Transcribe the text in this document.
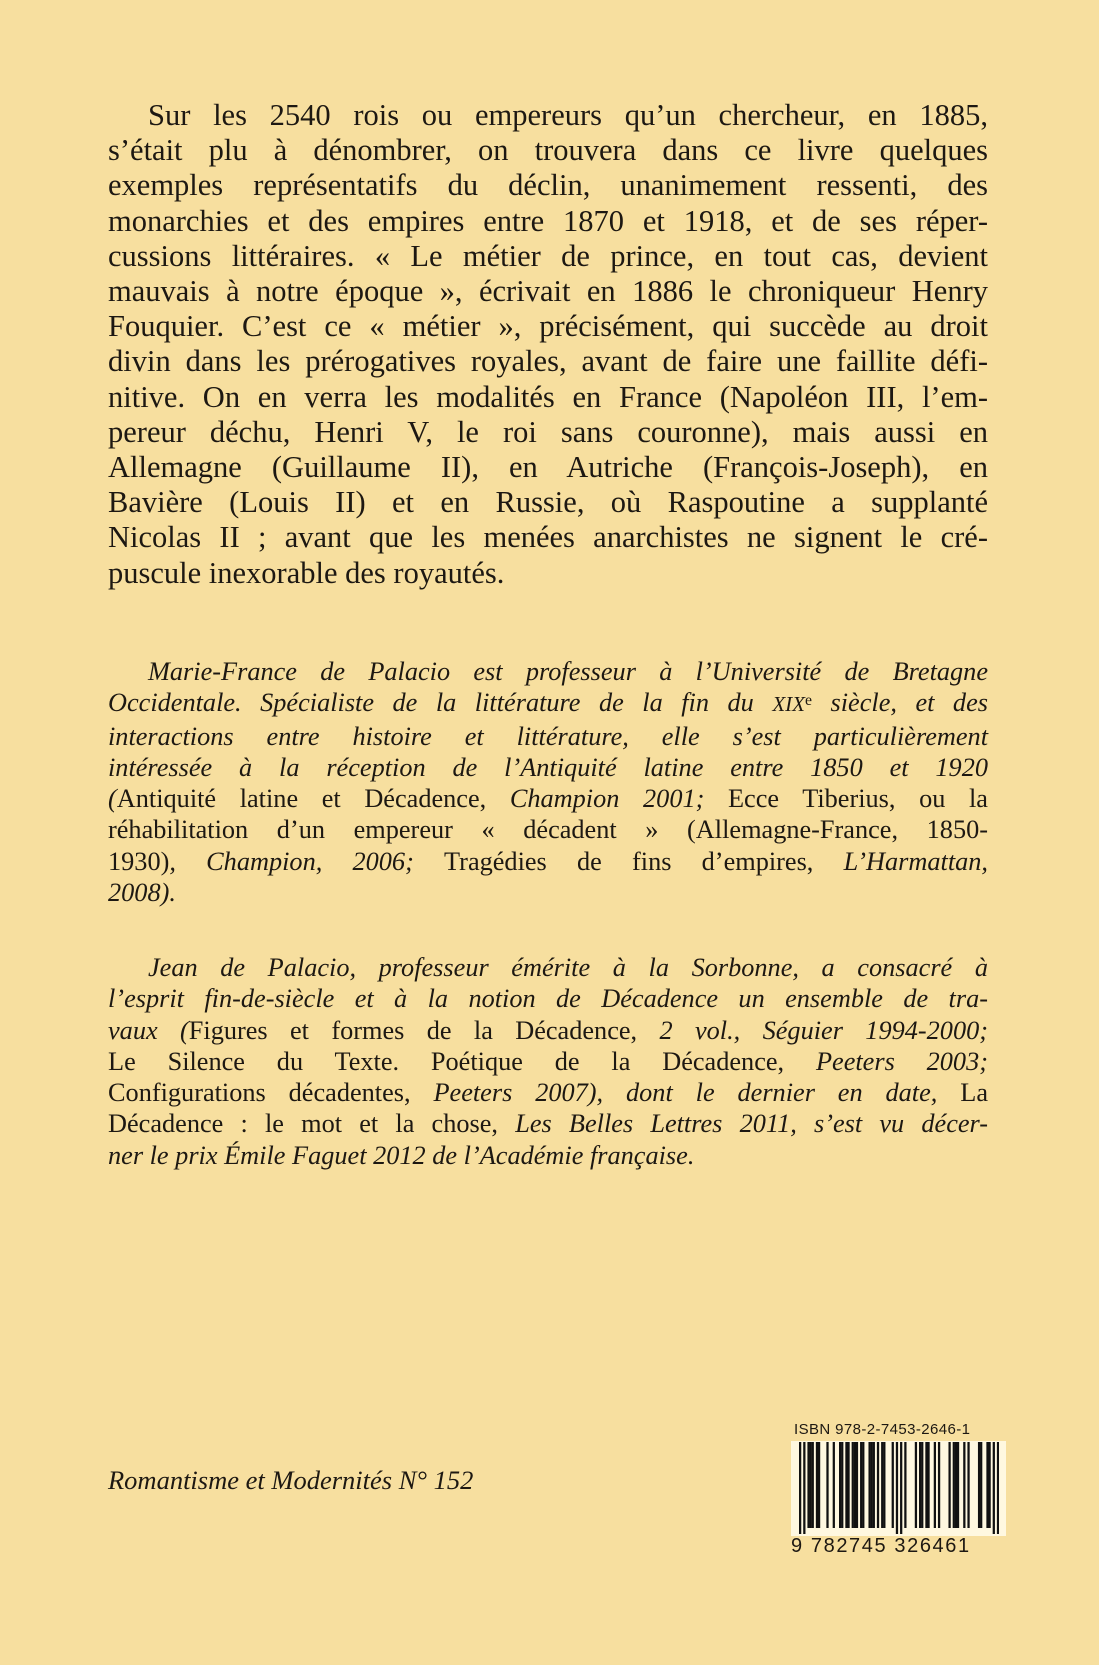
Sur les 2540 rois ou empereurs qu’un chercheur, en 1885,
s’était plu à dénombrer, on trouvera dans ce livre quelques
exemples représentatifs du déclin, unanimement ressenti, des
monarchies et des empires entre 1870 et 1918, et de ses réper-
cussions littéraires. « Le métier de prince, en tout cas, devient
mauvais à notre époque », écrivait en 1886 le chroniqueur Henry
Fouquier. C’est ce « métier », précisément, qui succède au droit
divin dans les prérogatives royales, avant de faire une faillite défi-
nitive. On en verra les modalités en France (Napoléon III, l’em-
pereur déchu, Henri V, le roi sans couronne), mais aussi en
Allemagne (Guillaume II), en Autriche (François-Joseph), en
Bavière (Louis II) et en Russie, où Raspoutine a supplanté
Nicolas II ; avant que les menées anarchistes ne signent le cré-
puscule inexorable des royautés.
Marie-France de Palacio est professeur à l’Université de Bretagne
Occidentale. Spécialiste de la littérature de la fin du XIXe siècle, et des
interactions entre histoire et littérature, elle s’est particulièrement
intéressée à la réception de l’Antiquité latine entre 1850 et 1920
(Antiquité latine et Décadence, Champion 2001; Ecce Tiberius, ou la
réhabilitation d’un empereur « décadent » (Allemagne-France, 1850-
1930), Champion, 2006; Tragédies de fins d’empires, L’Harmattan,
2008).
Jean de Palacio, professeur émérite à la Sorbonne, a consacré à
l’esprit fin-de-siècle et à la notion de Décadence un ensemble de tra-
vaux (Figures et formes de la Décadence, 2 vol., Séguier 1994-2000;
Le Silence du Texte. Poétique de la Décadence, Peeters 2003;
Configurations décadentes, Peeters 2007), dont le dernier en date, La
Décadence : le mot et la chose, Les Belles Lettres 2011, s’est vu décer-
ner le prix Émile Faguet 2012 de l’Académie française.
Romantisme et Modernités N° 152
ISBN 978-2-7453-2646-1
9 782745 326461
